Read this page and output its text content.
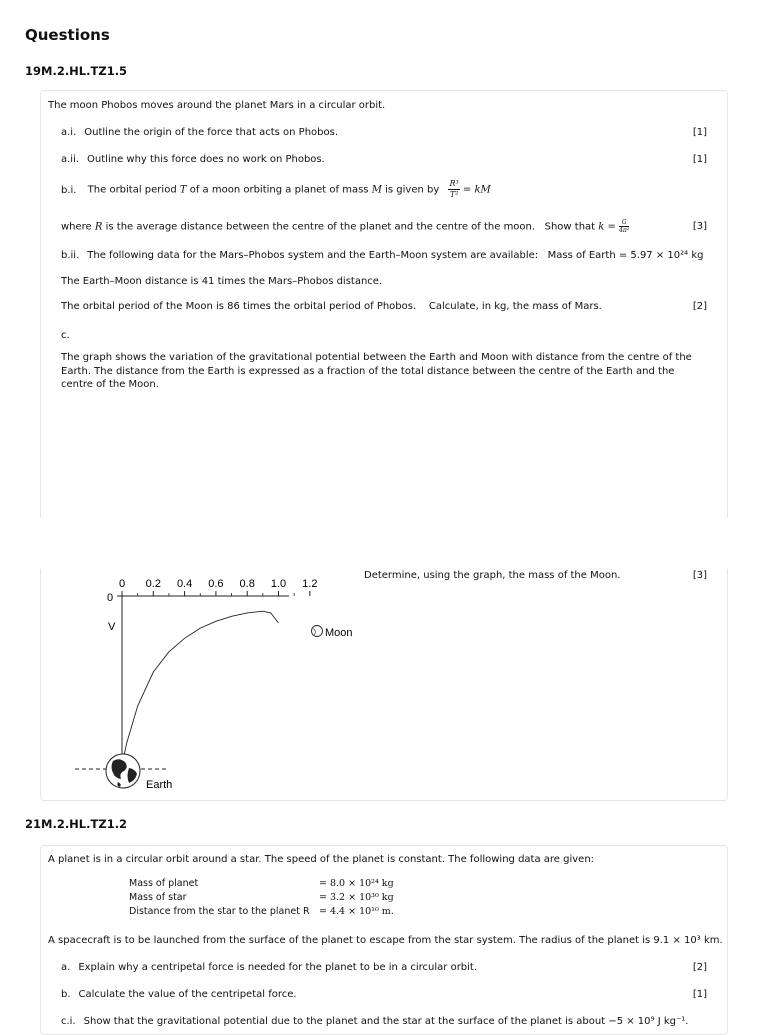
Questions
19M.2.HL.TZ1.5
The moon Phobos moves around the planet Mars in a circular orbit.
a.i. Outline the origin of the force that acts on Phobos.	[1]
a.ii. Outline why this force does no work on Phobos.	[1]
b.i. The orbital period T of a moon orbiting a planet of mass M is given by $\frac{\text{R³}}{\text{T²}}$ = kM
where R is the average distance between the centre of the planet and the centre of the moon. Show that $k = \frac{G}{\text{4π²}}$	[3]
b.ii. The following data for the Mars–Phobos system and the Earth–Moon system are available: Mass of Earth = 5.97 × 10²⁴ kg
The Earth–Moon distance is 41 times the Mars–Phobos distance.
The orbital period of the Moon is 86 times the orbital period of Phobos. Calculate, in kg, the mass of Mars.	[2]
c.
The graph shows the variation of the gravitational potential between the Earth and Moon with distance from the centre of the Earth. The distance from the Earth is expressed as a fraction of the total distance between the centre of the Earth and the centre of the Moon.
Determine, using the graph, the mass of the Moon.	[3]
0 0.2 0.4 0.6 0.8 1.0 1.2
0
V	Moon
Earth
21M.2.HL.TZ1.2
A planet is in a circular orbit around a star. The speed of the planet is constant. The following data are given:
Mass of planet	= 8.0 × 10²⁴ kg
Mass of star	= 3.2 × 10³⁰ kg
Distance from the star to the planet R	= 4.4 × 10¹⁰ m.
A spacecraft is to be launched from the surface of the planet to escape from the star system. The radius of the planet is 9.1 × 10³ km.
a. Explain why a centripetal force is needed for the planet to be in a circular orbit.	[2]
b. Calculate the value of the centripetal force.	[1]
c.i. Show that the gravitational potential due to the planet and the star at the surface of the planet is about −5 × 10⁹ J kg⁻¹.
